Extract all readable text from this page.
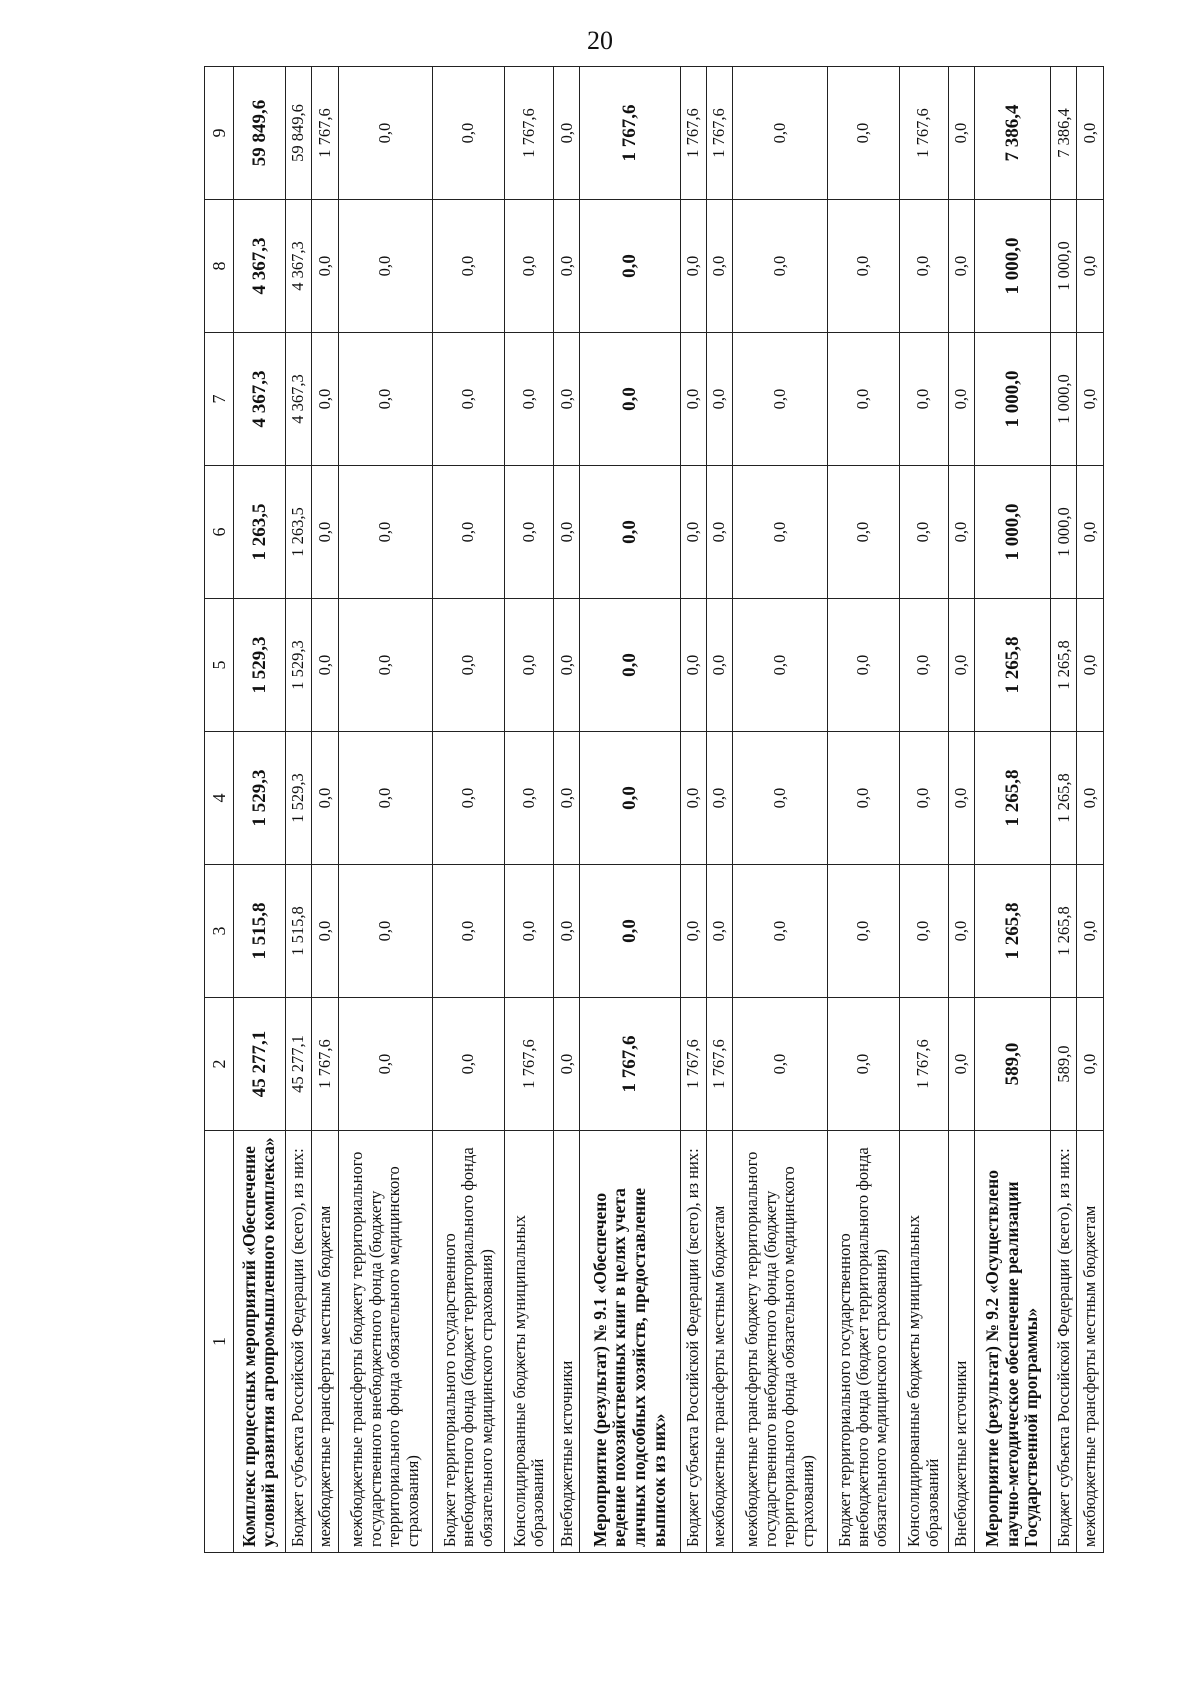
20
1	2	3	4	5	6	7	8	9
Комплекс процессных мероприятий «Обеспечение условий развития агропромышленного комплекса»	45 277,1	1 515,8	1 529,3	1 529,3	1 263,5	4 367,3	4 367,3	59 849,6
Бюджет субъекта Российской Федерации (всего), из них:	45 277,1	1 515,8	1 529,3	1 529,3	1 263,5	4 367,3	4 367,3	59 849,6
межбюджетные трансферты местным бюджетам	1 767,6	0,0	0,0	0,0	0,0	0,0	0,0	1 767,6
межбюджетные трансферты бюджету территориального государственного внебюджетного фонда (бюджету территориального фонда обязательного медицинского страхования)	0,0	0,0	0,0	0,0	0,0	0,0	0,0	0,0
Бюджет территориального государственного внебюджетного фонда (бюджет территориального фонда обязательного медицинского страхования)	0,0	0,0	0,0	0,0	0,0	0,0	0,0	0,0
Консолидированные бюджеты муниципальных образований	1 767,6	0,0	0,0	0,0	0,0	0,0	0,0	1 767,6
Внебюджетные источники	0,0	0,0	0,0	0,0	0,0	0,0	0,0	0,0
Мероприятие (результат) № 9.1 «Обеспечено ведение похозяйственных книг в целях учета личных подсобных хозяйств, предоставление выписок из них»	1 767,6	0,0	0,0	0,0	0,0	0,0	0,0	1 767,6
Бюджет субъекта Российской Федерации (всего), из них:	1 767,6	0,0	0,0	0,0	0,0	0,0	0,0	1 767,6
межбюджетные трансферты местным бюджетам	1 767,6	0,0	0,0	0,0	0,0	0,0	0,0	1 767,6
межбюджетные трансферты бюджету территориального государственного внебюджетного фонда (бюджету территориального фонда обязательного медицинского страхования)	0,0	0,0	0,0	0,0	0,0	0,0	0,0	0,0
Бюджет территориального государственного внебюджетного фонда (бюджет территориального фонда обязательного медицинского страхования)	0,0	0,0	0,0	0,0	0,0	0,0	0,0	0,0
Консолидированные бюджеты муниципальных образований	1 767,6	0,0	0,0	0,0	0,0	0,0	0,0	1 767,6
Внебюджетные источники	0,0	0,0	0,0	0,0	0,0	0,0	0,0	0,0
Мероприятие (результат) № 9.2 «Осуществлено научно-методическое обеспечение реализации Государственной программы»	589,0	1 265,8	1 265,8	1 265,8	1 000,0	1 000,0	1 000,0	7 386,4
Бюджет субъекта Российской Федерации (всего), из них:	589,0	1 265,8	1 265,8	1 265,8	1 000,0	1 000,0	1 000,0	7 386,4
межбюджетные трансферты местным бюджетам	0,0	0,0	0,0	0,0	0,0	0,0	0,0	0,0
